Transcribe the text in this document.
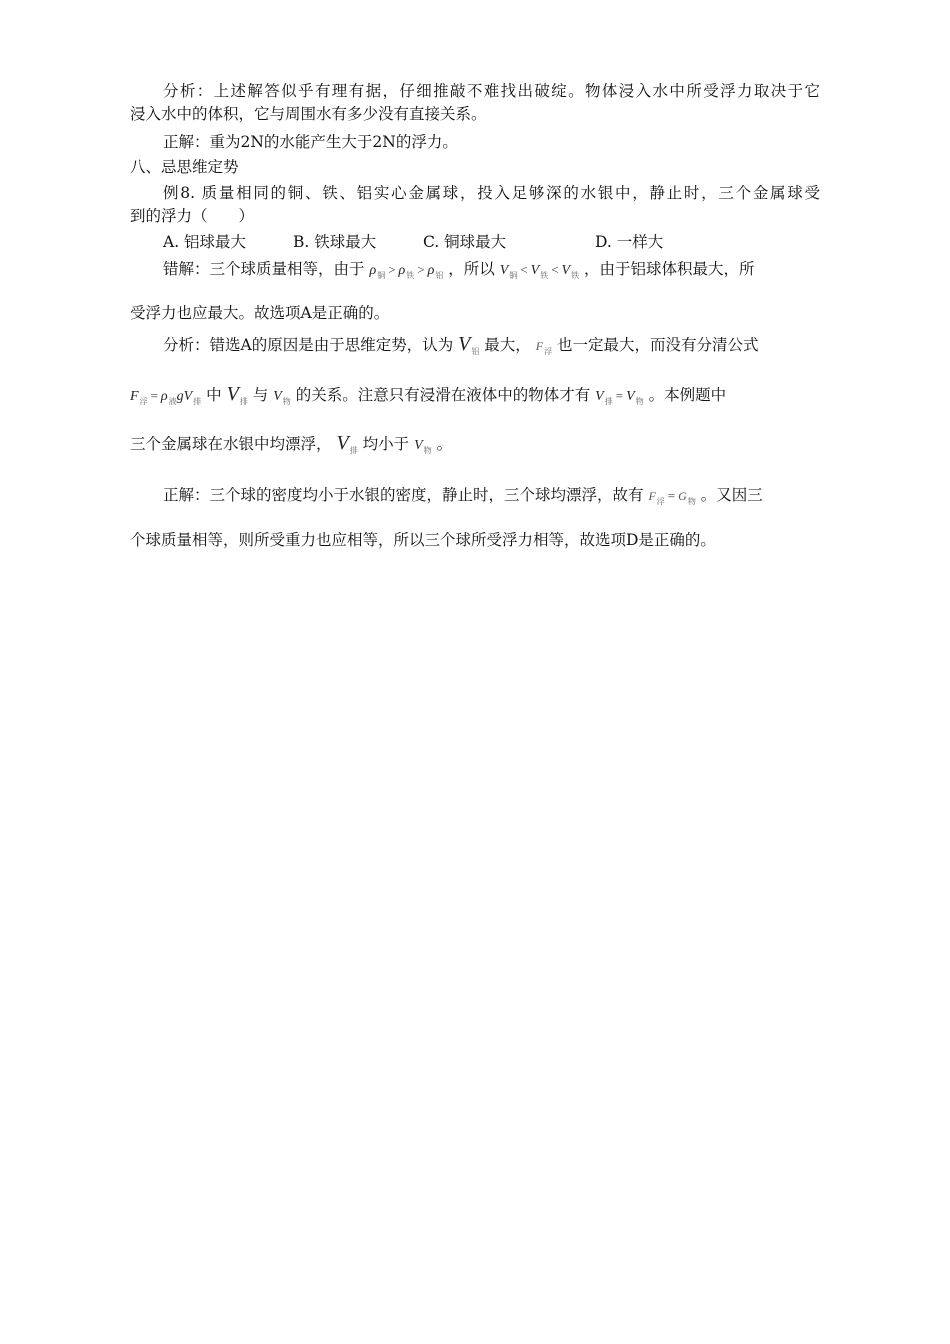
分析：上述解答似乎有理有据，仔细推敲不难找出破绽。物体浸入水中所受浮力取决于它
浸入水中的体积，它与周围水有多少没有直接关系。
正解：重为2N的水能产生大于2N的浮力。
八、忌思维定势
例8. 质量相同的铜、铁、铝实心金属球，投入足够深的水银中，静止时，三个金属球受
到的浮力（　　）
A. 铝球最大	B. 铁球最大	C. 铜球最大	D. 一样大
错解：三个球质量相等，由于 $\rho_铜 > \rho_铁 > \rho_铝$ ，所以 $V_铜 < V_铁 < V_铁$ ，由于铝球体积最大，所
受浮力也应最大。故选项A是正确的。
分析：错选A的原因是由于思维定势，认为 $V_铝$ 最大， $F_浮$ 也一定最大，而没有分清公式
$F_浮 = \rho_液gV_排$ 中 $V_排$ 与 $V_物$ 的关系。注意只有浸滑在液体中的物体才有 $V_排 = V_物$ 。本例题中
三个金属球在水银中均漂浮， $V_排$ 均小于 $V_物$ 。
正解：三个球的密度均小于水银的密度，静止时，三个球均漂浮，故有 $F_浮 = G_物$ 。又因三
个球质量相等，则所受重力也应相等，所以三个球所受浮力相等，故选项D是正确的。
